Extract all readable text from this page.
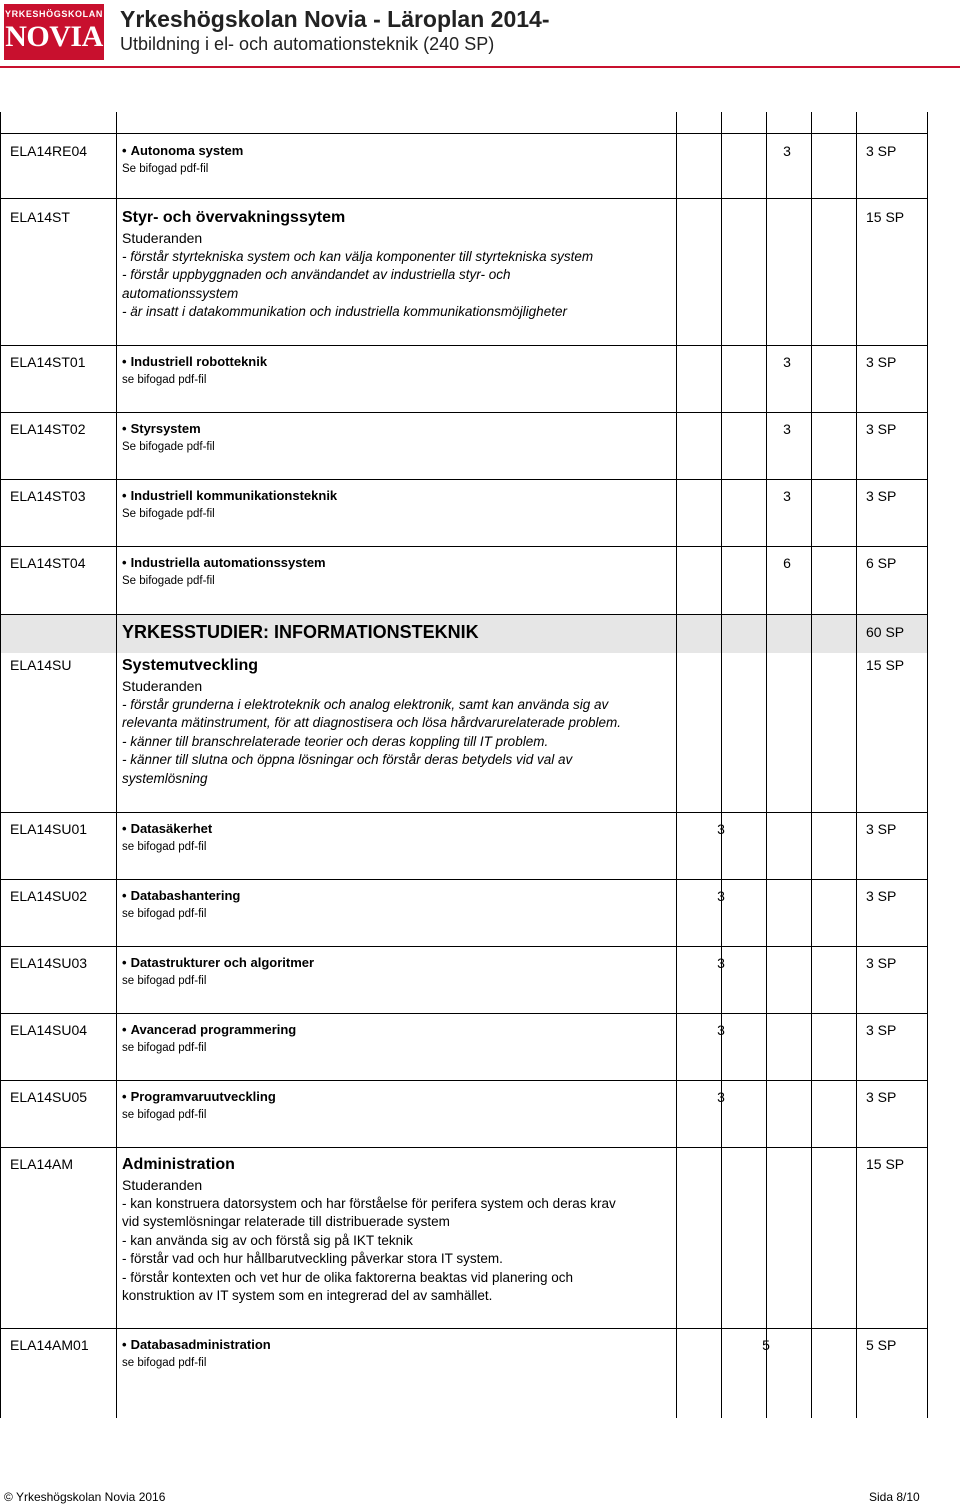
YRKESHÖGSKOLAN
NOVIA
Yrkeshögskolan Novia - Läroplan 2014-
Utbildning i el- och automationsteknik (240 SP)
ELA14RE04	• Autonoma system
Se bifogad pdf-fil
3	3 SP
ELA14ST	Styr- och övervakningssytem
Studeranden
- förstår styrtekniska system och kan välja komponenter till styrtekniska system
- förstår uppbyggnaden och användandet av industriella styr- och
automationssystem
- är insatt i datakommunikation och industriella kommunikationsmöjligheter
15 SP
ELA14ST01	• Industriell robotteknik
se bifogad pdf-fil
3	3 SP
ELA14ST02	• Styrsystem
Se bifogade pdf-fil
3	3 SP
ELA14ST03	• Industriell kommunikationsteknik
Se bifogade pdf-fil
3	3 SP
ELA14ST04	• Industriella automationssystem
Se bifogade pdf-fil
6	6 SP
YRKESSTUDIER: INFORMATIONSTEKNIK	60 SP
ELA14SU	Systemutveckling
Studeranden
- förstår grunderna i elektroteknik och analog elektronik, samt kan använda sig av
relevanta mätinstrument, för att diagnostisera och lösa hårdvarurelaterade problem.
- känner till branschrelaterade teorier och deras koppling till IT problem.
- känner till slutna och öppna lösningar och förstår deras betydels vid val av
systemlösning
15 SP
ELA14SU01	• Datasäkerhet
se bifogad pdf-fil
3	3 SP
ELA14SU02	• Databashantering
se bifogad pdf-fil
3	3 SP
ELA14SU03	• Datastrukturer och algoritmer
se bifogad pdf-fil
3	3 SP
ELA14SU04	• Avancerad programmering
se bifogad pdf-fil
3	3 SP
ELA14SU05	• Programvaruutveckling
se bifogad pdf-fil
3	3 SP
ELA14AM	Administration
Studeranden
- kan konstruera datorsystem och har förståelse för perifera system och deras krav
vid systemlösningar relaterade till distribuerade system
- kan använda sig av och förstå sig på IKT teknik
- förstår vad och hur hållbarutveckling påverkar stora IT system.
- förstår kontexten och vet hur de olika faktorerna beaktas vid planering och
konstruktion av IT system som en integrerad del av samhället.
15 SP
ELA14AM01	• Databasadministration
se bifogad pdf-fil
5	5 SP
© Yrkeshögskolan Novia 2016	Sida 8/10
